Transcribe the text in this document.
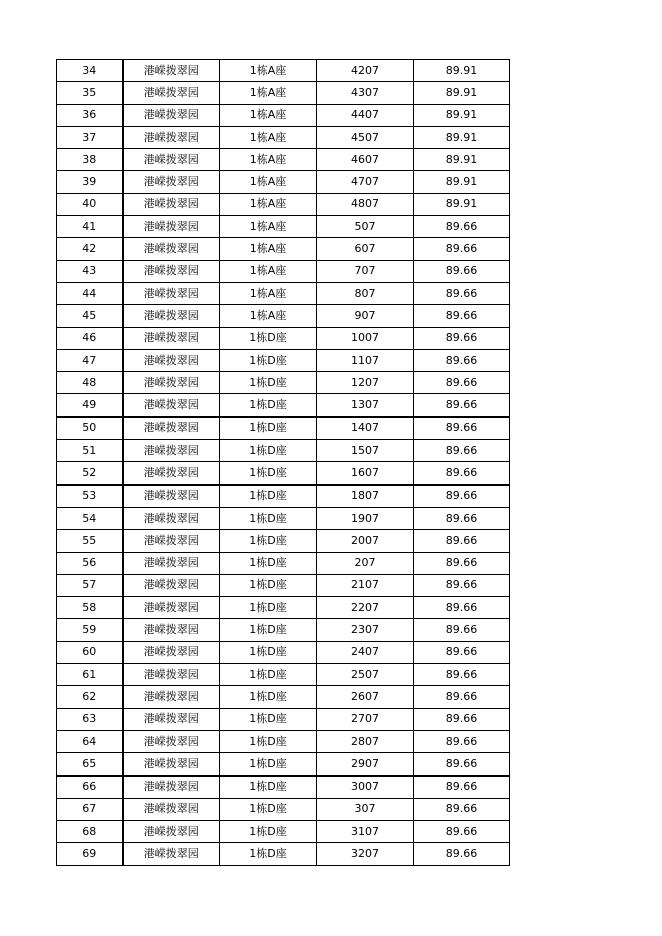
34	港嵘拨翠园	1栋A座	4207	89.91
35	港嵘拨翠园	1栋A座	4307	89.91
36	港嵘拨翠园	1栋A座	4407	89.91
37	港嵘拨翠园	1栋A座	4507	89.91
38	港嵘拨翠园	1栋A座	4607	89.91
39	港嵘拨翠园	1栋A座	4707	89.91
40	港嵘拨翠园	1栋A座	4807	89.91
41	港嵘拨翠园	1栋A座	507	89.66
42	港嵘拨翠园	1栋A座	607	89.66
43	港嵘拨翠园	1栋A座	707	89.66
44	港嵘拨翠园	1栋A座	807	89.66
45	港嵘拨翠园	1栋A座	907	89.66
46	港嵘拨翠园	1栋D座	1007	89.66
47	港嵘拨翠园	1栋D座	1107	89.66
48	港嵘拨翠园	1栋D座	1207	89.66
49	港嵘拨翠园	1栋D座	1307	89.66
50	港嵘拨翠园	1栋D座	1407	89.66
51	港嵘拨翠园	1栋D座	1507	89.66
52	港嵘拨翠园	1栋D座	1607	89.66
53	港嵘拨翠园	1栋D座	1807	89.66
54	港嵘拨翠园	1栋D座	1907	89.66
55	港嵘拨翠园	1栋D座	2007	89.66
56	港嵘拨翠园	1栋D座	207	89.66
57	港嵘拨翠园	1栋D座	2107	89.66
58	港嵘拨翠园	1栋D座	2207	89.66
59	港嵘拨翠园	1栋D座	2307	89.66
60	港嵘拨翠园	1栋D座	2407	89.66
61	港嵘拨翠园	1栋D座	2507	89.66
62	港嵘拨翠园	1栋D座	2607	89.66
63	港嵘拨翠园	1栋D座	2707	89.66
64	港嵘拨翠园	1栋D座	2807	89.66
65	港嵘拨翠园	1栋D座	2907	89.66
66	港嵘拨翠园	1栋D座	3007	89.66
67	港嵘拨翠园	1栋D座	307	89.66
68	港嵘拨翠园	1栋D座	3107	89.66
69	港嵘拨翠园	1栋D座	3207	89.66
